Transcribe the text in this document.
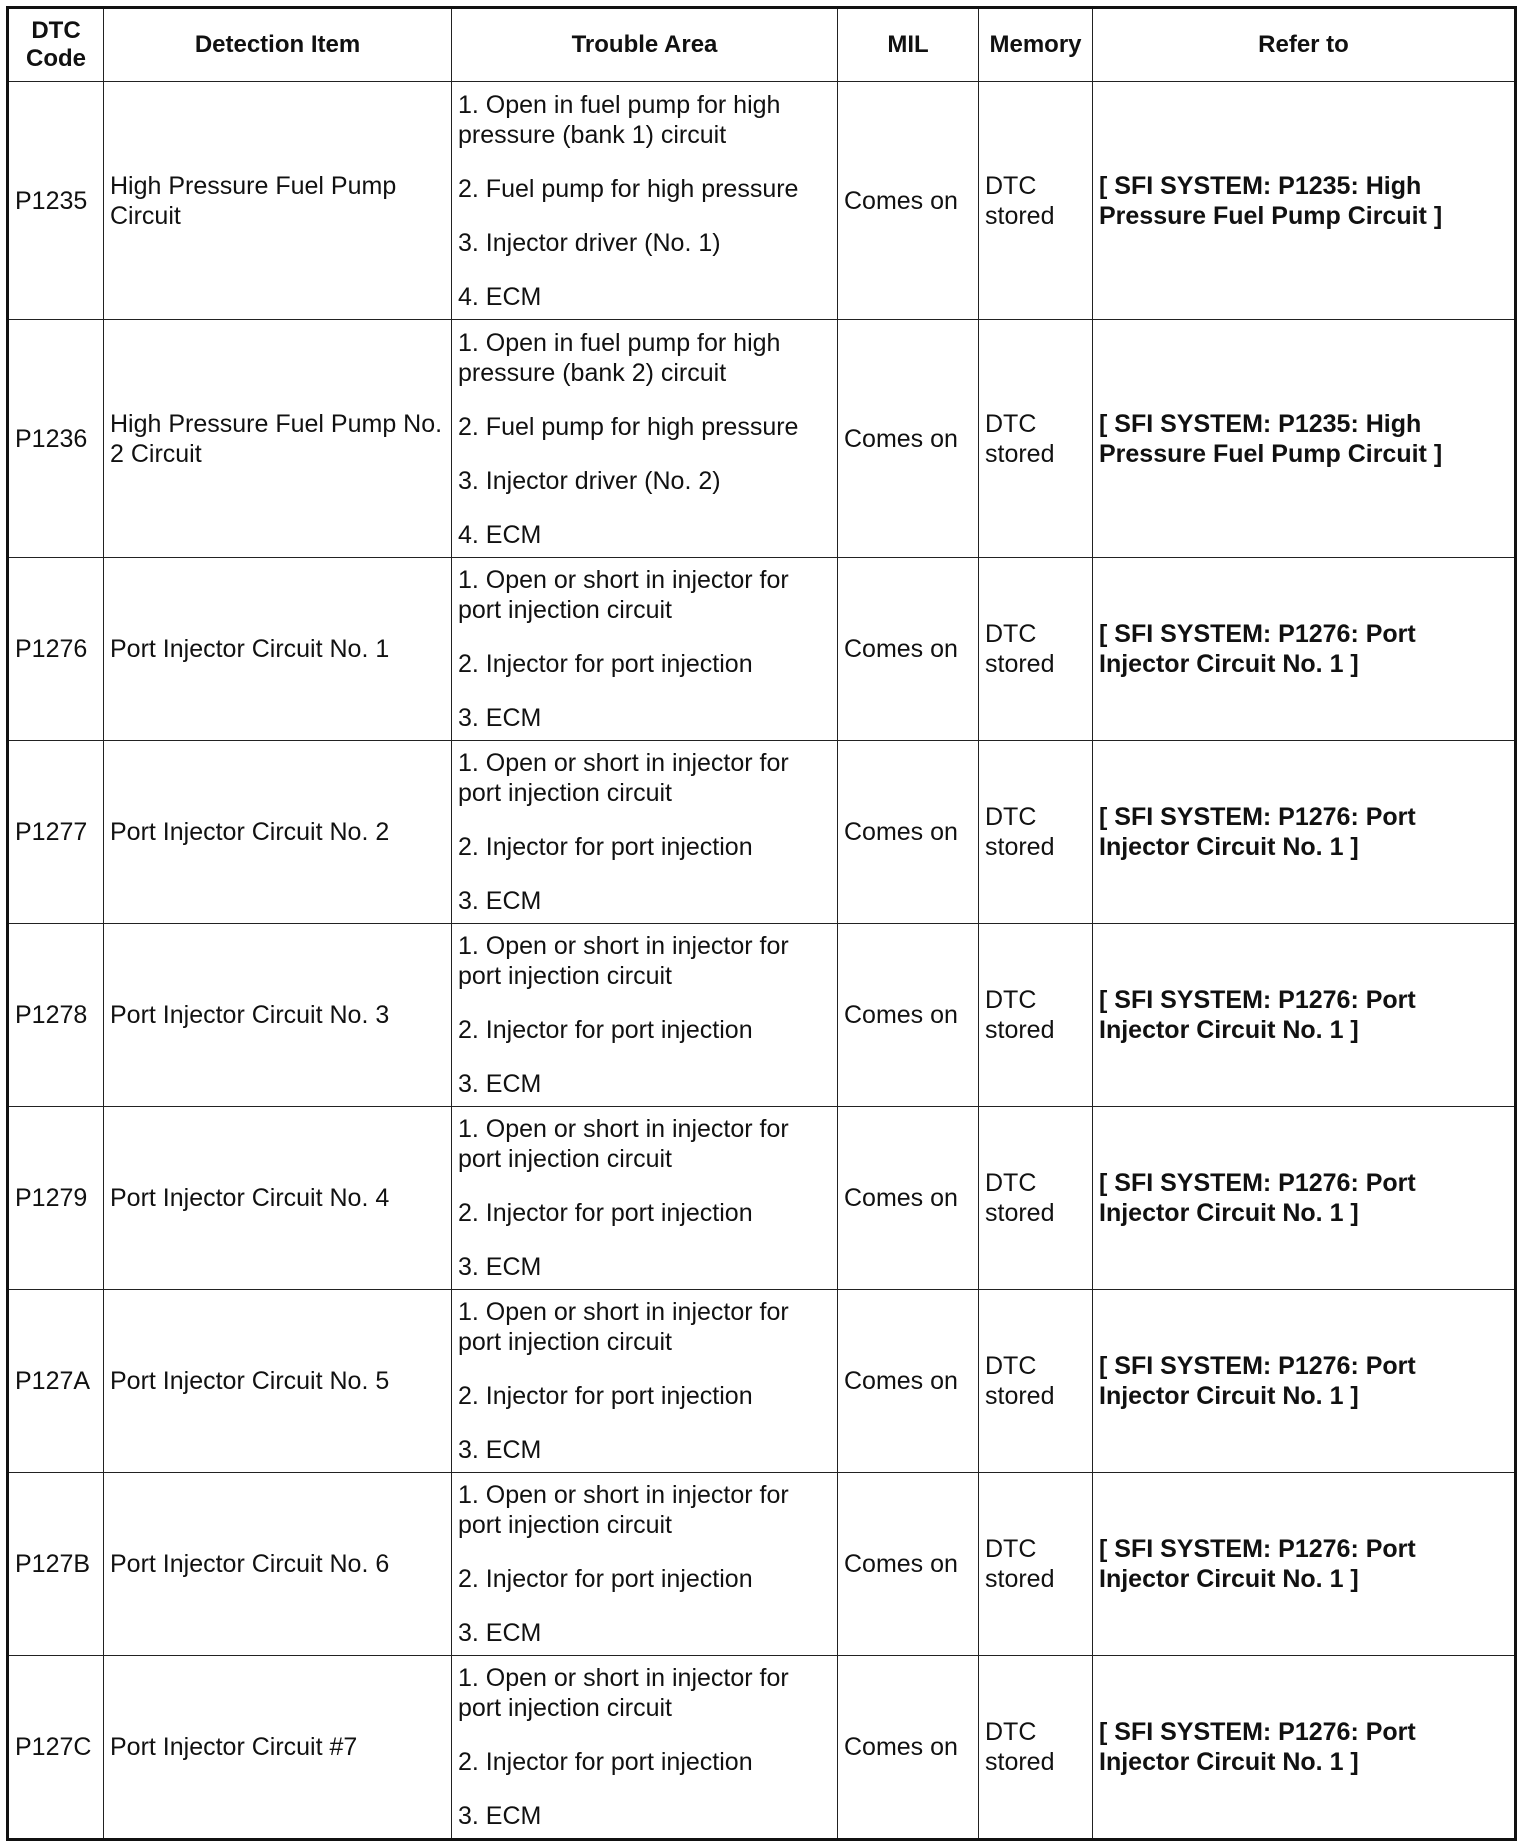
DTC Code	Detection Item	Trouble Area	MIL	Memory	Refer to
P1235	High Pressure Fuel Pump Circuit	1. Open in fuel pump for high pressure (bank 1) circuit
2. Fuel pump for high pressure
3. Injector driver (No. 1)
4. ECM	Comes on	DTC stored	[ SFI SYSTEM: P1235: High Pressure Fuel Pump Circuit ]
P1236	High Pressure Fuel Pump No. 2 Circuit	1. Open in fuel pump for high pressure (bank 2) circuit
2. Fuel pump for high pressure
3. Injector driver (No. 2)
4. ECM	Comes on	DTC stored	[ SFI SYSTEM: P1235: High Pressure Fuel Pump Circuit ]
P1276	Port Injector Circuit No. 1	1. Open or short in injector for port injection circuit
2. Injector for port injection
3. ECM	Comes on	DTC stored	[ SFI SYSTEM: P1276: Port Injector Circuit No. 1 ]
P1277	Port Injector Circuit No. 2	1. Open or short in injector for port injection circuit
2. Injector for port injection
3. ECM	Comes on	DTC stored	[ SFI SYSTEM: P1276: Port Injector Circuit No. 1 ]
P1278	Port Injector Circuit No. 3	1. Open or short in injector for port injection circuit
2. Injector for port injection
3. ECM	Comes on	DTC stored	[ SFI SYSTEM: P1276: Port Injector Circuit No. 1 ]
P1279	Port Injector Circuit No. 4	1. Open or short in injector for port injection circuit
2. Injector for port injection
3. ECM	Comes on	DTC stored	[ SFI SYSTEM: P1276: Port Injector Circuit No. 1 ]
P127A	Port Injector Circuit No. 5	1. Open or short in injector for port injection circuit
2. Injector for port injection
3. ECM	Comes on	DTC stored	[ SFI SYSTEM: P1276: Port Injector Circuit No. 1 ]
P127B	Port Injector Circuit No. 6	1. Open or short in injector for port injection circuit
2. Injector for port injection
3. ECM	Comes on	DTC stored	[ SFI SYSTEM: P1276: Port Injector Circuit No. 1 ]
P127C	Port Injector Circuit #7	1. Open or short in injector for port injection circuit
2. Injector for port injection
3. ECM	Comes on	DTC stored	[ SFI SYSTEM: P1276: Port Injector Circuit No. 1 ]
